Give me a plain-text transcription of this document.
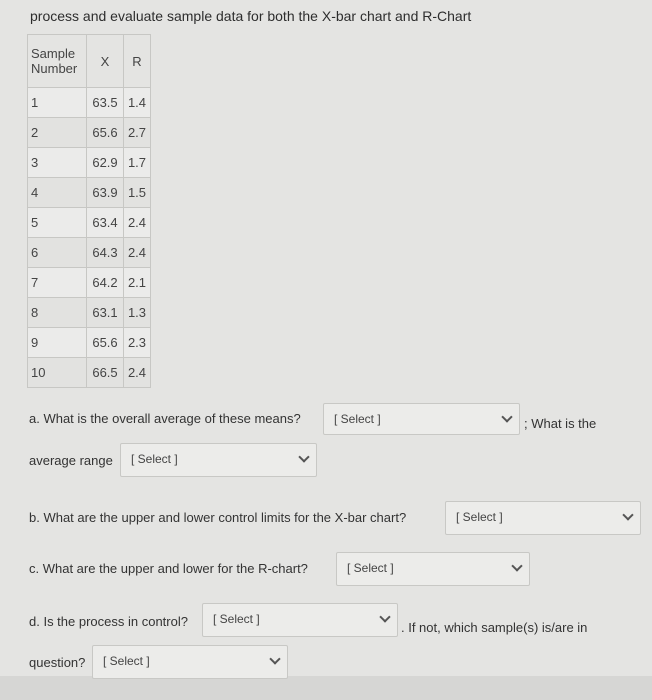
process and evaluate sample data for both the X-bar chart and R-Chart
Sample Number	X	R
1	63.5	1.4
2	65.6	2.7
3	62.9	1.7
4	63.9	1.5
5	63.4	2.4
6	64.3	2.4
7	64.2	2.1
8	63.1	1.3
9	65.6	2.3
10	66.5	2.4
a. What is the overall average of these means?	[ Select ]	; What is the
average range	[ Select ]
b. What are the upper and lower control limits for the X-bar chart?	[ Select ]
c. What are the upper and lower for the R-chart?	[ Select ]
d. Is the process in control?	[ Select ]
. If not, which sample(s) is/are in
question?	[ Select ]
